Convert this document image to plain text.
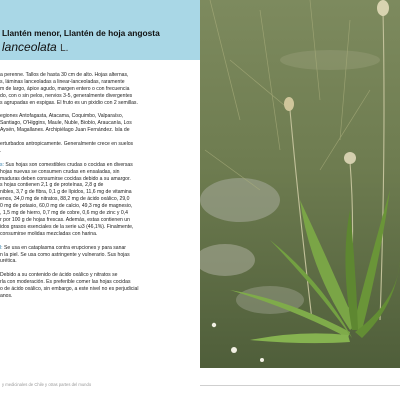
Llantén menor, Llantén de hoja angosta
lanceolata L.
a perenne. Tallos de hasta 30 cm de alto. Hojas alternas,
s, láminas lanceoladas a linear-lanceoladas, raramente
m de largo, ápice agudo, margen entero o con frecuencia
do, con o sin pelos, nervios 3-5, generalmente divergentes
s agrupadas en espigas. El fruto es un pixidio con 2 semillas.
egiones Antofagasta, Atacama, Coquimbo, Valparaíso,
Santiago, O'Higgins, Maule, Ñuble, Biobío, Araucanía, Los
Aysén, Magallanes. Archipiélago Juan Fernández. Isla de
erturbados antropicamente. Generalmente crece en suelos
.
s: Sus hojas son comestibles crudas o cocidas en diversas
hojas nuevas se consumen crudas en ensaladas, sin
maduras deben consumirse cocidas debido a su amargor.
s hojas contienen 2,1 g de proteínas, 2,8 g de
nibles, 3,7 g de fibra, 0,1 g de lípidos, 11,6 mg de vitamina
enos, 34,0 mg de nitratos, 88,2 mg de ácido oxálico, 29,0
0 mg de potasio, 60,0 mg de calcio, 49,3 mg de magnesio,
, 1,5 mg de hierro, 0,7 mg de cobre, 0,6 mg de zinc y 0,4
r por 100 g de hojas frescas. Además, estas contienen un
idos grasos esenciales de la serie ω3 (46,1%). Finalmente,
consumirse molidas mezcladas con harina.
l: Se usa en cataplasma contra erupciones y para sanar
n la piel. Se usa como astringente y vulnerario. Sus hojas
urética.
Debido a su contenido de ácido oxálico y nitratos se
rla con moderación. Es preferible comer las hojas cocidas
o de ácido oxálico, sin embargo, a este nivel no es perjudicial
anos.
y medicinales de Chile y otras partes del mundo
